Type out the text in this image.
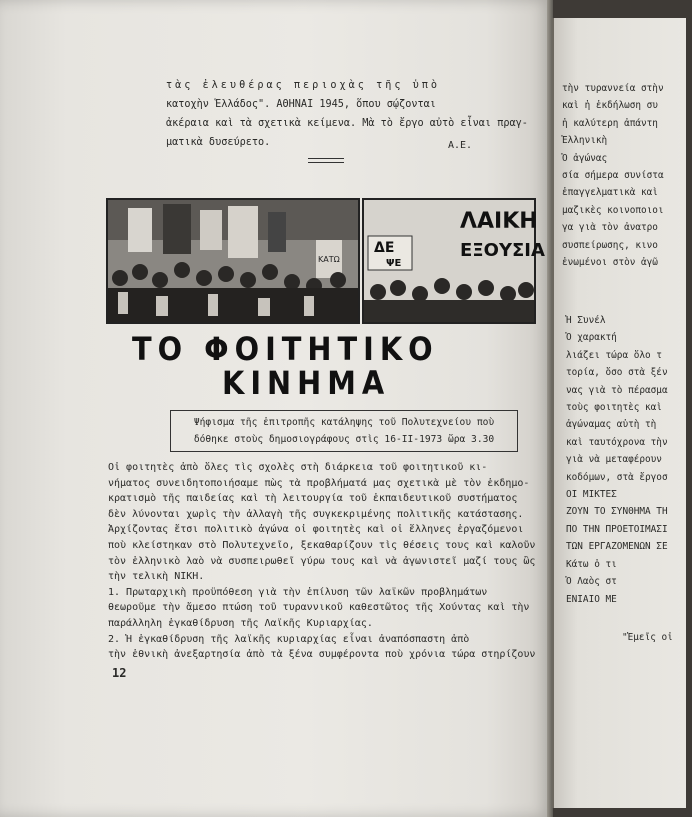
τὰς ἐλευθέρας περιοχὰς τῆς ὑπὸ

κατοχὴν Ἑλλάδος". ΑΘΗΝΑΙ 1945, ὅπου σῴζονται

ἀκέραια καὶ τὰ σχετικὰ κείμενα. Μὰ τὸ ἔργο αὐτὸ εἶναι πραγ-

ματικὰ δυσεύρετο.	Α.Ε.
ΚΑΤΩ
ΔΕ
ΨΕ
ΛΑΙΚΗ
ΕΞΟΥΣΙΑ
ΤΟ ΦΟΙΤΗΤΙΚΟ
ΚΙΝΗΜΑ

Ψήφισμα τῆς ἐπιτροπῆς κατάληψης τοῦ Πολυτεχνείου ποὺ

δόθηκε στοὺς δημοσιογράφους στὶς 16-ΙΙ-1973 ὥρα 3.30

Οἱ φοιτητὲς ἀπὸ ὅλες τὶς σχολὲς στὴ διάρκεια τοῦ φοιτητικοῦ κι-

νήματος συνειδητοποιήσαμε πὼς τὰ προβλήματά μας σχετικὰ μὲ τὸν ἐκδημο-

κρατισμὸ τῆς παιδείας καὶ τὴ λειτουργία τοῦ ἐκπαιδευτικοῦ συστήματος

δὲν λύνονται χωρὶς τὴν ἀλλαγὴ τῆς συγκεκριμένης πολιτικῆς κατάστασης.

Ἀρχίζοντας ἔτσι πολιτικὸ ἀγώνα οἱ φοιτητὲς καὶ οἱ ἕλληνες ἐργαζόμενοι

ποὺ κλείστηκαν στὸ Πολυτεχνεῖο, ξεκαθαρίζουν τὶς θέσεις τους καὶ καλοῦν

τὸν ἑλληνικὸ λαὸ νὰ συσπειρωθεῖ γύρω τους καὶ νὰ ἀγωνιστεῖ μαζί τους ὣς

τὴν τελικὴ ΝΙΚΗ.

1. Πρωταρχικὴ προϋπόθεση γιὰ τὴν ἐπίλυση τῶν λαϊκῶν προβλημάτων

θεωροῦμε τὴν ἄμεσο πτώση τοῦ τυραννικοῦ καθεστῶτος τῆς Χούντας καὶ τὴν

παράλληλη ἐγκαθίδρυση τῆς Λαϊκῆς Κυριαρχίας.

2. Ἡ ἐγκαθίδρυση τῆς λαϊκῆς κυριαρχίας εἶναι ἀναπόσπαστη ἀπὸ

τὴν ἐθνικὴ ἀνεξαρτησία ἀπὸ τὰ ξένα συμφέροντα ποὺ χρόνια τώρα στηρίζουν

12

τὴν τυραννεία στὴν

καὶ ἡ ἐκδήλωση συ

ἡ καλύτερη ἀπάντη

Ἑλληνικὴ

Ὁ ἀγώνας

σία σήμερα συνίστα

ἐπαγγελματικὰ καὶ

μαζικὲς κοινοποιοι

γα γιὰ τὸν ἀνατρο

συσπείρωσης, κινο

ἑνωμένοι στὸν ἀγῶ

Ἡ Συνέλ

Ὁ χαρακτή

λιάζει τώρα ὅλο τ

τορία, ὅσο στὰ ξέν

νας γιὰ τὸ πέρασμα

τοὺς φοιτητὲς καὶ

ἀγώναμας αὐτὴ τὴ

καὶ ταυτόχρονα τὴν

γιὰ νὰ μεταφέρουν

κοδόμων, στὰ ἔργοσ

ΟΙ ΜΙΚΤΕΣ

ΖΟΥΝ ΤΟ ΣΥΝΘΗΜΑ ΤΗ

ΠΟ ΤΗΝ ΠΡΟΕΤΟΙΜΑΣΙ

ΤΩΝ ΕΡΓΑΖΟΜΕΝΩΝ ΣΕ

Κάτω ὁ τι

Ὁ Λαὸς στ

ΕΝΙΑΙΟ ΜΕ

"Ἐμεῖς οἱ
